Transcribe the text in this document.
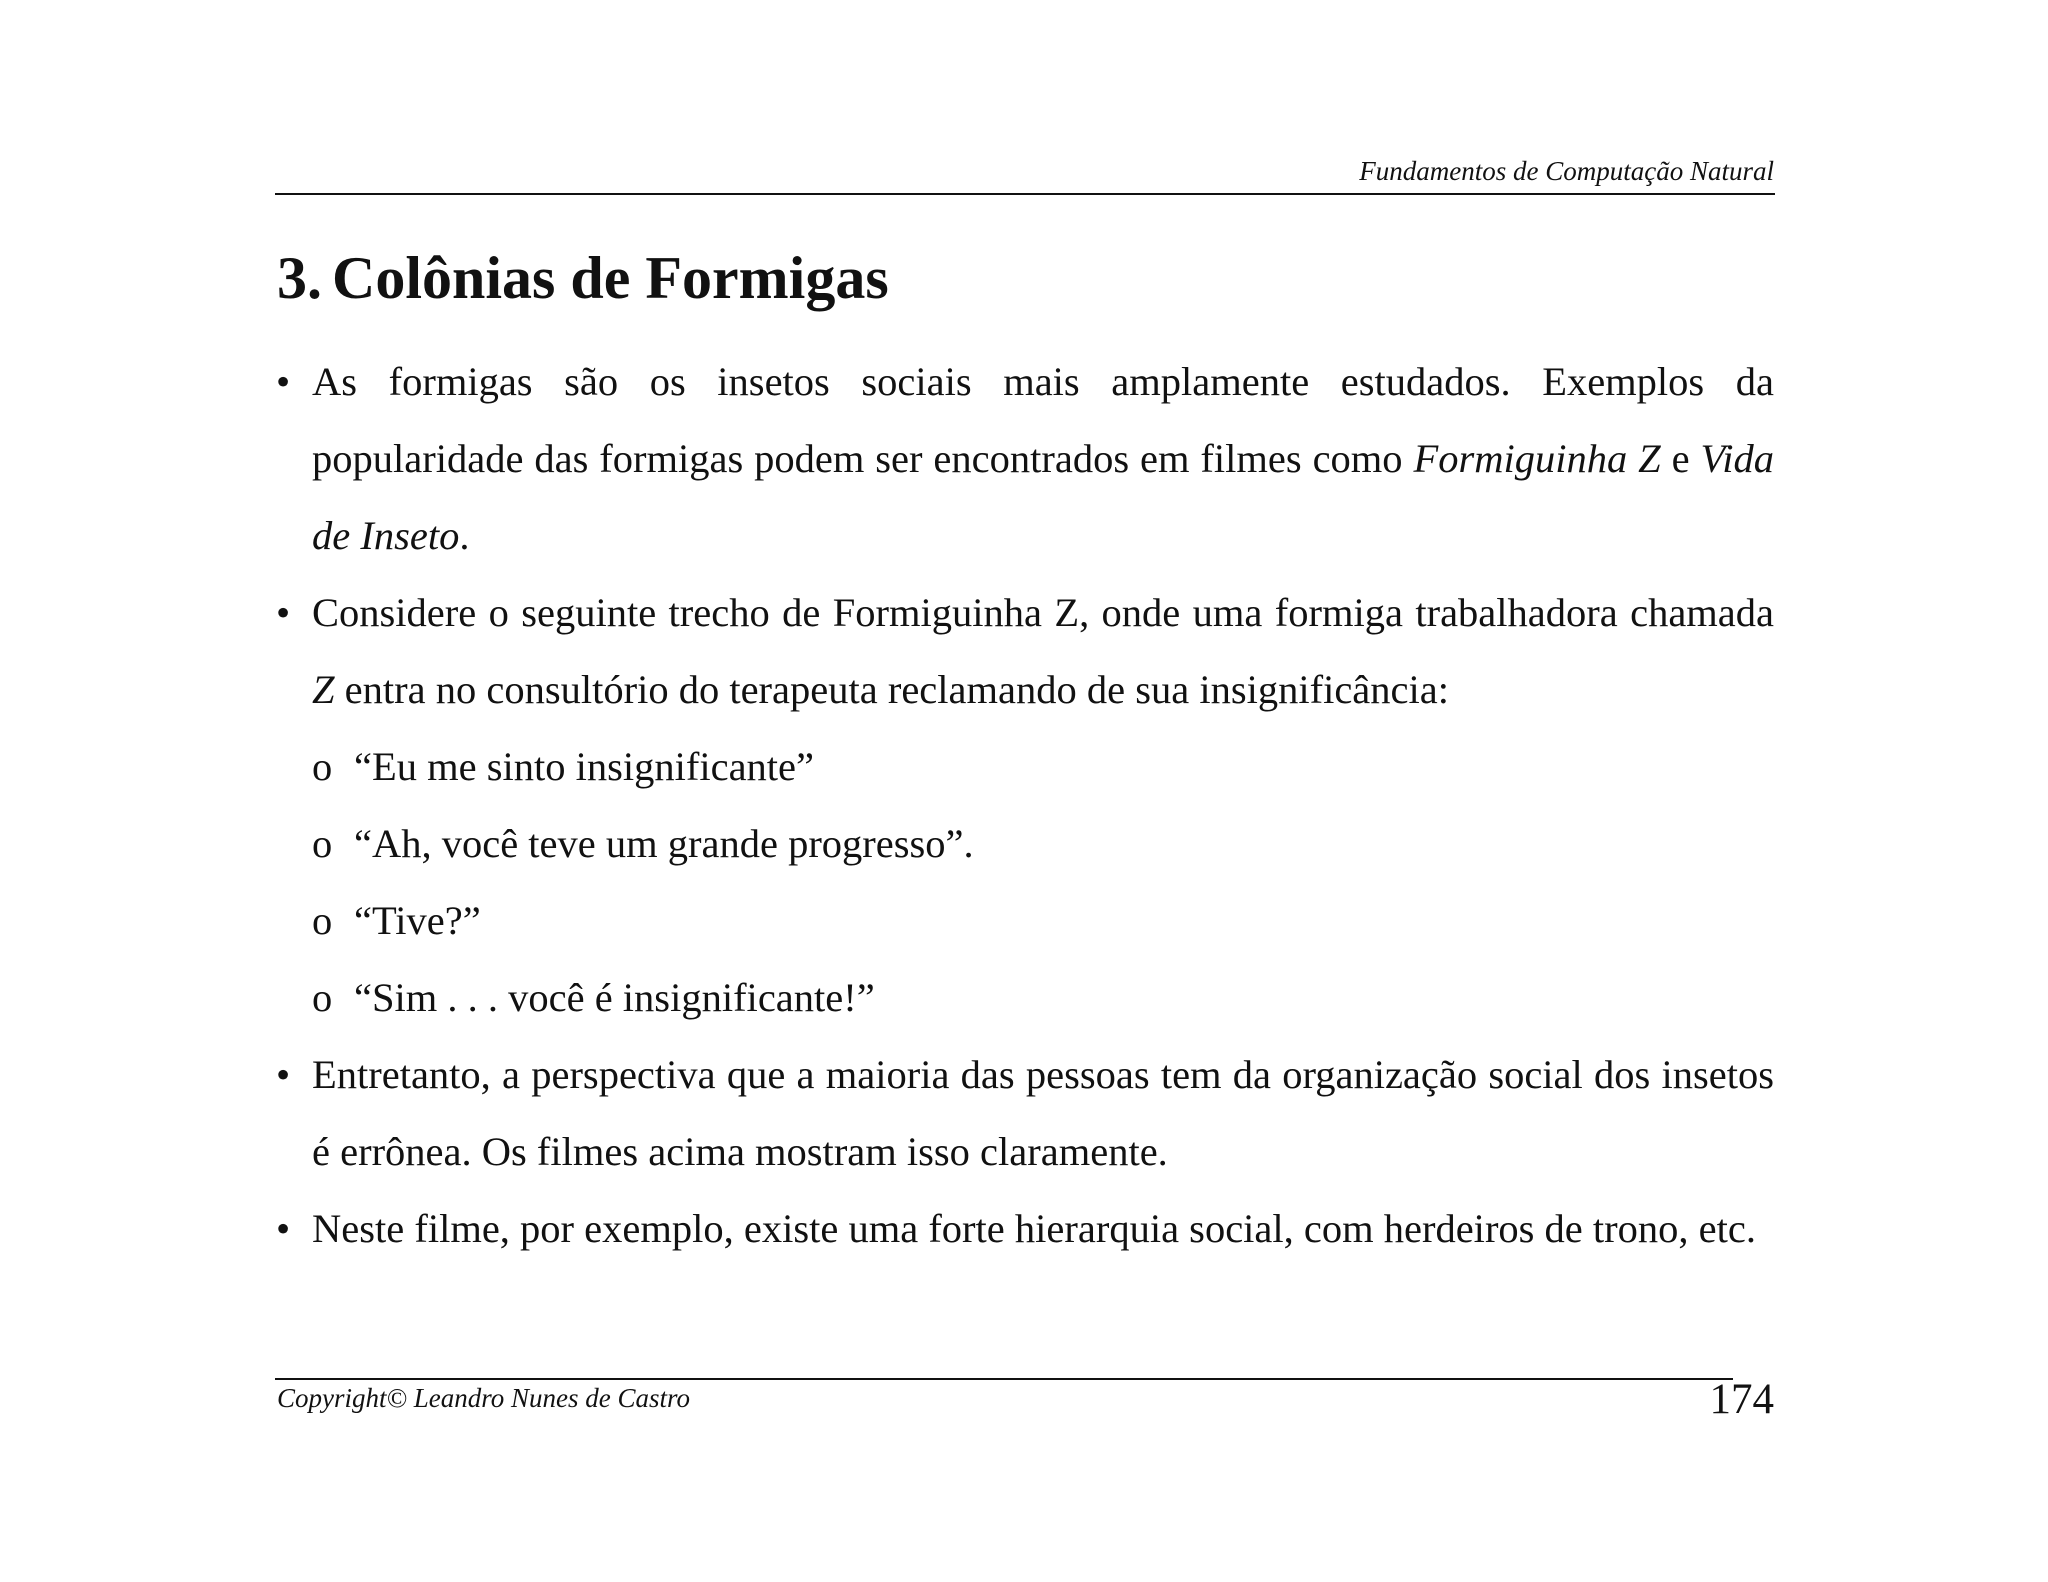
Fundamentos de Computação Natural
3. Colônias de Formigas
• As formigas são os insetos sociais mais amplamente estudados. Exemplos da popularidade das formigas podem ser encontrados em filmes como Formiguinha Z e Vida de Inseto.
• Considere o seguinte trecho de Formiguinha Z, onde uma formiga trabalhadora chamada Z entra no consultório do terapeuta reclamando de sua insignificância:
o “Eu me sinto insignificante”
o “Ah, você teve um grande progresso”.
o “Tive?”
o “Sim . . . você é insignificante!”
• Entretanto, a perspectiva que a maioria das pessoas tem da organização social dos insetos é errônea. Os filmes acima mostram isso claramente.
• Neste filme, por exemplo, existe uma forte hierarquia social, com herdeiros de trono, etc.
Copyright© Leandro Nunes de Castro	174
